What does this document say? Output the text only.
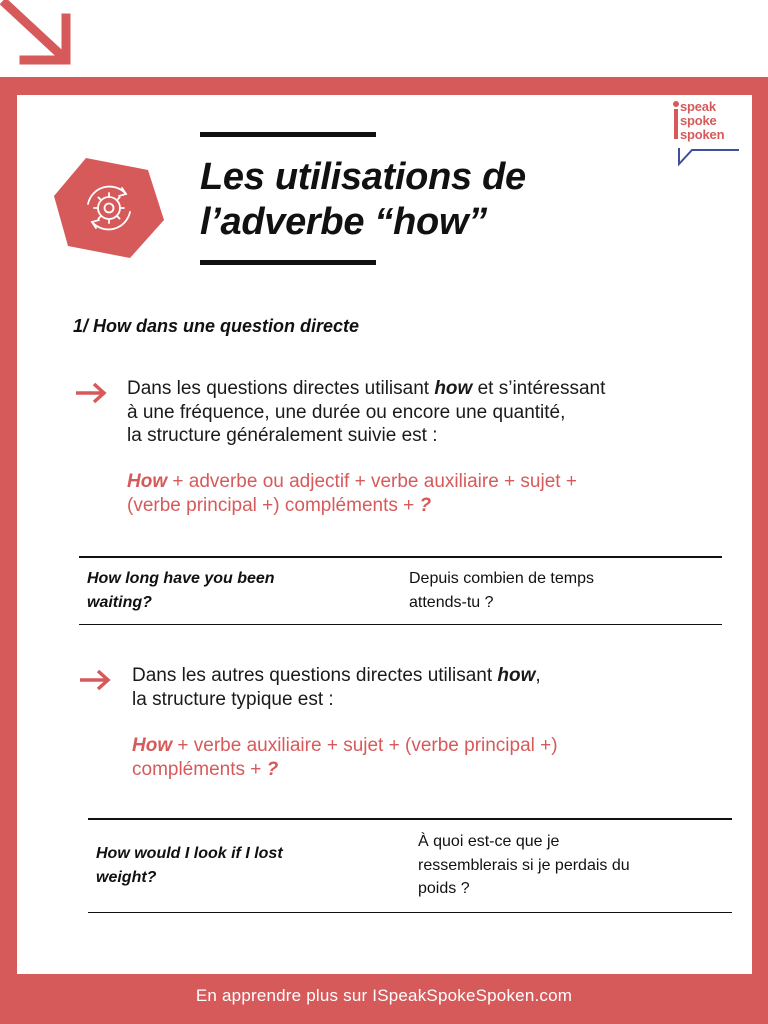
speak
spoke
spoken
Les utilisations de
l’adverbe “how”
1/ How dans une question directe
Dans les questions directes utilisant how et s’intéressant
à une fréquence, une durée ou encore une quantité,
la structure généralement suivie est :
How + adverbe ou adjectif + verbe auxiliaire + sujet +
(verbe principal +) compléments + ?
How long have you been
waiting?
Depuis combien de temps
attends-tu ?
Dans les autres questions directes utilisant how,
la structure typique est :
How + verbe auxiliaire + sujet + (verbe principal +)
compléments + ?
How would I look if I lost
weight?
À quoi est-ce que je
ressemblerais si je perdais du
poids ?
En apprendre plus sur ISpeakSpokeSpoken.com
